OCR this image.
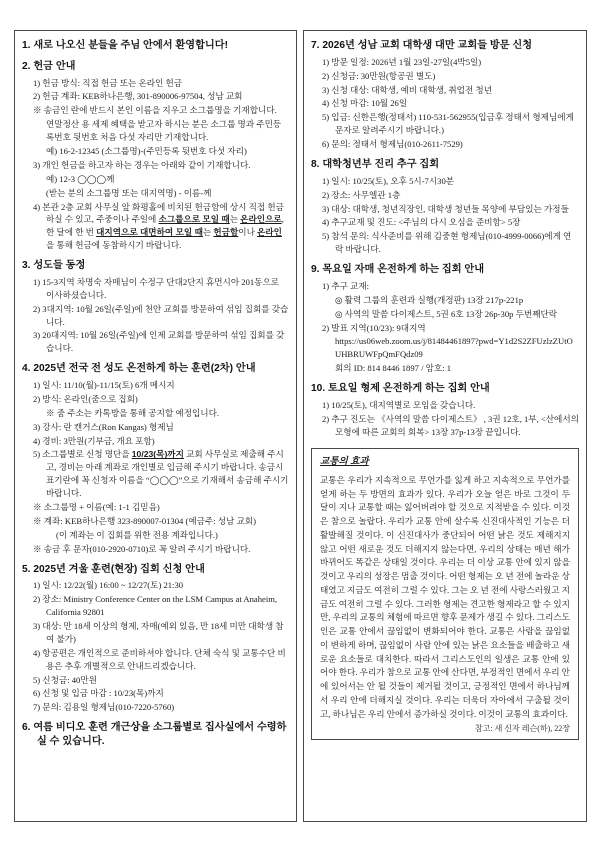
1. 새로 나오신 분들을 주님 안에서 환영합니다!
2. 헌금 안내
1) 헌금 방식: 직접 헌금 또는 온라인 헌금
2) 헌금 계좌: KEB하나은행, 301-890006-97504, 성남 교회
※ 송금인 란에 반드시 본인 이름을 지우고 소그룹명을 기재합니다.
연말정산 용 세제 혜택을 받고자 하시는 분은 소그룹 명과 주민등록번호 뒷번호 처음 다섯 자리만 기재합니다.
예) 16-2-12345 (소그룹명)-(주민등록 뒷번호 다섯 자리)
3) 개인 헌금을 하고자 하는 경우는 아래와 같이 기재합니다.
예) 12-3 ◯◯◯께
(받는 분의 소그룹명 또는 대지역명) - 이름-께
4) 본관 2층 교회 사무실 앞 화평홀에 비치된 헌금함에 상시 직접 헌금하실 수 있고, 주중이나 주일에 소그룹으로 모일 때는 온라인으로, 한 달에 한 번 대지역으로 대면하여 모일 때는 헌금함이나 온라인을 통해 헌금에 동참하시기 바랍니다.
3. 성도들 동정
1) 15-3지역 차명숙 자매님이 수정구 단대2단지 휴먼시아 201동으로 이사하셨습니다.
2) 3대지역: 10월 26일(주일)에 천안 교회를 방문하여 섞임 집회를 갖습니다.
3) 20대지역: 10월 26일(주일)에 인제 교회를 방문하여 섞임 집회를 갖습니다.
4. 2025년 전국 전 성도 온전하게 하는 훈련(2차) 안내
1) 일시: 11/10(월)-11/15(토) 6개 메시지
2) 방식: 온라인(줌으로 집회)
※ 줌 주소는 카톡방을 통해 공지할 예정입니다.
3) 강사: 란 캔거스(Ron Kangas) 형제님
4) 경비: 3만원(기부금, 개요 포함)
5) 소그룹별로 신청 명단을 10/23(목)까지 교회 사무실로 제출해 주시고, 경비는 아래 계좌로 개인별로 입금해 주시기 바랍니다. 송금시 표기란에 꼭 신청자 이름을 “◯◯◯”으로 기재해서 송금해 주시기 바랍니다.
※ 소그룹명 + 이름(예: 1-1 김믿음)
※ 계좌: KEB하나은행 323-890007-01304 (예금주: 성남 교회)
(이 계좌는 이 집회를 위한 전용 계좌입니다.)
※ 송금 후 문자(010-2920-0710)로 꼭 알려 주시기 바랍니다.
5. 2025년 겨울 훈련(현장) 집회 신청 안내
1) 일시: 12/22(월) 16:00 ~ 12/27(토) 21:30
2) 장소: Ministry Conference Center on the LSM Campus at Anaheim, California 92801
3) 대상: 만 18세 이상의 형제, 자매(예외 있음, 만 18세 미만 대학생 참여 불가)
4) 항공편은 개인적으로 준비하셔야 합니다. 단체 숙식 및 교통수단 비용은 추후 개별적으로 안내드리겠습니다.
5) 신청금: 40만원
6) 신청 및 입금 마감 : 10/23(목)까지
7) 문의: 김용일 형제님(010-7220-5760)
6. 여름 비디오 훈련 개근상을 소그룹별로 집사실에서 수령하실 수 있습니다.
7. 2026년 성남 교회 대학생 대만 교회들 방문 신청
1) 방문 일정: 2026년 1월 23일-27일(4박5일)
2) 신청금: 30만원(항공권 별도)
3) 신청 대상: 대학생, 예비 대학생, 취업전 청년
4) 신청 마감: 10월 26일
5) 입금: 신한은행(정태서) 110-531-562955(입금후 정태서 형제님에게 문자로 알려주시기 바랍니다.)
6) 문의: 정태서 형제님(010-2611-7529)
8. 대학청년부 진리 추구 집회
1) 일시: 10/25(토), 오후 5시-7시30분
2) 장소: 사무엘관 1층
3) 대상: 대학생, 청년직장인, 대학생 청년들 목양에 부담있는 가정들
4) 추구교재 및 진도: <주님의 다시 오심을 준비함> 5장
5) 참석 문의: 식사준비를 위해 김중현 형제님(010-4999-0066)에게 연락 바랍니다.
9. 목요일 자매 온전하게 하는 집회 안내
1) 추구 교재:
◎ 활력 그룹의 훈련과 실행(개정판) 13장 217p-221p
◎ 사역의 말씀 다이제스트, 5권 6호 13장 26p-30p 두번째단락
2) 발표 지역(10/23): 9대지역
https://us06web.zoom.us/j/81484461897?pwd=Y1d2S2ZFUzlzZUtOUHBRUWFpQmFQdz09
회의 ID: 814 8446 1897 / 암호: 1
10. 토요일 형제 온전하게 하는 집회 안내
1) 10/25(토), 대지역별로 모임을 갖습니다.
2) 추구 진도는 《사역의 말씀 다이제스트》 , 3권 12호, 1부, <산에서의 모형에 따른 교회의 회복> 13장 37p-13장 끝입니다.
교통의 효과
교통은 우리가 지속적으로 무언가를 잃게 하고 지속적으로 무언가를 얻게 하는 두 방면의 효과가 있다. 우리가 오늘 얻은 바로 그것이 두 달이 지나 교통할 때는 잃어버려야 할 것으로 지적받을 수 있다. 이것은 참으로 놀랍다. 우리가 교통 안에 살수록 신진대사적인 기능은 더 활발해질 것이다. 이 신진대사가 중단되어 어떤 낡은 것도 제해지지 않고 어떤 새로운 것도 더해지지 않는다면, 우리의 상태는 매년 해가 바뀌어도 똑같은 상태일 것이다. 우리는 더 이상 교통 안에 있지 않을 것이고 우리의 성장은 멈출 것이다. 어떤 형제는 오 년 전에 놀라운 상태였고 지금도 여전히 그럴 수 있다. 그는 오 년 전에 사랑스러웠고 지금도 여전히 그럴 수 있다. 그러한 형제는 견고한 형제라고 할 수 있지만, 우리의 교통의 체험에 따르면 향후 문제가 생길 수 있다. 그리스도인은 교통 안에서 끊임없이 변화되어야 한다. 교통은 사람을 끊임없이 변하게 하며, 끊임없이 사람 안에 있는 낡은 요소들을 배출하고 새로운 요소들로 대치한다. 따라서 그리스도인의 일생은 교통 안에 있어야 한다. 우리가 참으로 교통 안에 산다면, 부정적인 면에서 우리 안에 있어서는 안 될 것들이 제거될 것이고, 긍정적인 면에서 하나님께서 우리 안에 더해지실 것이다. 우리는 더욱더 자아에서 구출될 것이고, 하나님은 우리 안에서 증가하실 것이다. 이것이 교통의 효과이다.
참고: 새 신자 레슨(하), 22장
